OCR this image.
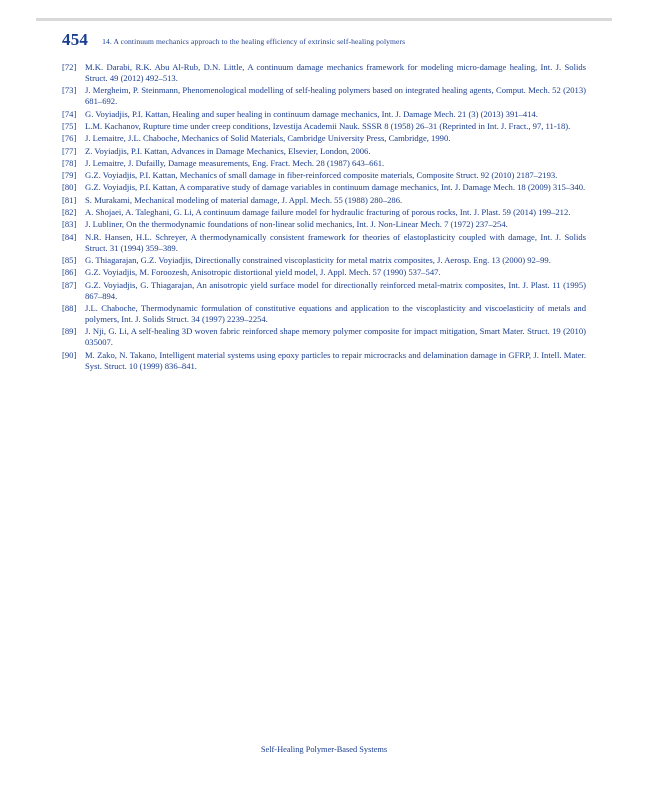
454 14. A continuum mechanics approach to the healing efficiency of extrinsic self-healing polymers
[72]	M.K. Darabi, R.K. Abu Al-Rub, D.N. Little, A continuum damage mechanics framework for modeling micro-damage healing, Int. J. Solids Struct. 49 (2012) 492–513.
[73]	J. Mergheim, P. Steinmann, Phenomenological modelling of self-healing polymers based on integrated healing agents, Comput. Mech. 52 (2013) 681–692.
[74]	G. Voyiadjis, P.I. Kattan, Healing and super healing in continuum damage mechanics, Int. J. Damage Mech. 21 (3) (2013) 391–414.
[75]	L.M. Kachanov, Rupture time under creep conditions, Izvestija Academii Nauk. SSSR 8 (1958) 26–31 (Reprinted in Int. J. Fract., 97, 11-18).
[76]	J. Lemaitre, J.L. Chaboche, Mechanics of Solid Materials, Cambridge University Press, Cambridge, 1990.
[77]	Z. Voyiadjis, P.I. Kattan, Advances in Damage Mechanics, Elsevier, London, 2006.
[78]	J. Lemaitre, J. Dufailly, Damage measurements, Eng. Fract. Mech. 28 (1987) 643–661.
[79]	G.Z. Voyiadjis, P.I. Kattan, Mechanics of small damage in fiber-reinforced composite materials, Composite Struct. 92 (2010) 2187–2193.
[80]	G.Z. Voyiadjis, P.I. Kattan, A comparative study of damage variables in continuum damage mechanics, Int. J. Damage Mech. 18 (2009) 315–340.
[81]	S. Murakami, Mechanical modeling of material damage, J. Appl. Mech. 55 (1988) 280–286.
[82]	A. Shojaei, A. Taleghani, G. Li, A continuum damage failure model for hydraulic fracturing of porous rocks, Int. J. Plast. 59 (2014) 199–212.
[83]	J. Lubliner, On the thermodynamic foundations of non-linear solid mechanics, Int. J. Non-Linear Mech. 7 (1972) 237–254.
[84]	N.R. Hansen, H.L. Schreyer, A thermodynamically consistent framework for theories of elastoplasticity coupled with damage, Int. J. Solids Struct. 31 (1994) 359–389.
[85]	G. Thiagarajan, G.Z. Voyiadjis, Directionally constrained viscoplasticity for metal matrix composites, J. Aerosp. Eng. 13 (2000) 92–99.
[86]	G.Z. Voyiadjis, M. Foroozesh, Anisotropic distortional yield model, J. Appl. Mech. 57 (1990) 537–547.
[87]	G.Z. Voyiadjis, G. Thiagarajan, An anisotropic yield surface model for directionally reinforced metal-matrix composites, Int. J. Plast. 11 (1995) 867–894.
[88]	J.L. Chaboche, Thermodynamic formulation of constitutive equations and application to the viscoplasticity and viscoelasticity of metals and polymers, Int. J. Solids Struct. 34 (1997) 2239–2254.
[89]	J. Nji, G. Li, A self-healing 3D woven fabric reinforced shape memory polymer composite for impact mitigation, Smart Mater. Struct. 19 (2010) 035007.
[90]	M. Zako, N. Takano, Intelligent material systems using epoxy particles to repair microcracks and delamination damage in GFRP, J. Intell. Mater. Syst. Struct. 10 (1999) 836–841.
Self-Healing Polymer-Based Systems
